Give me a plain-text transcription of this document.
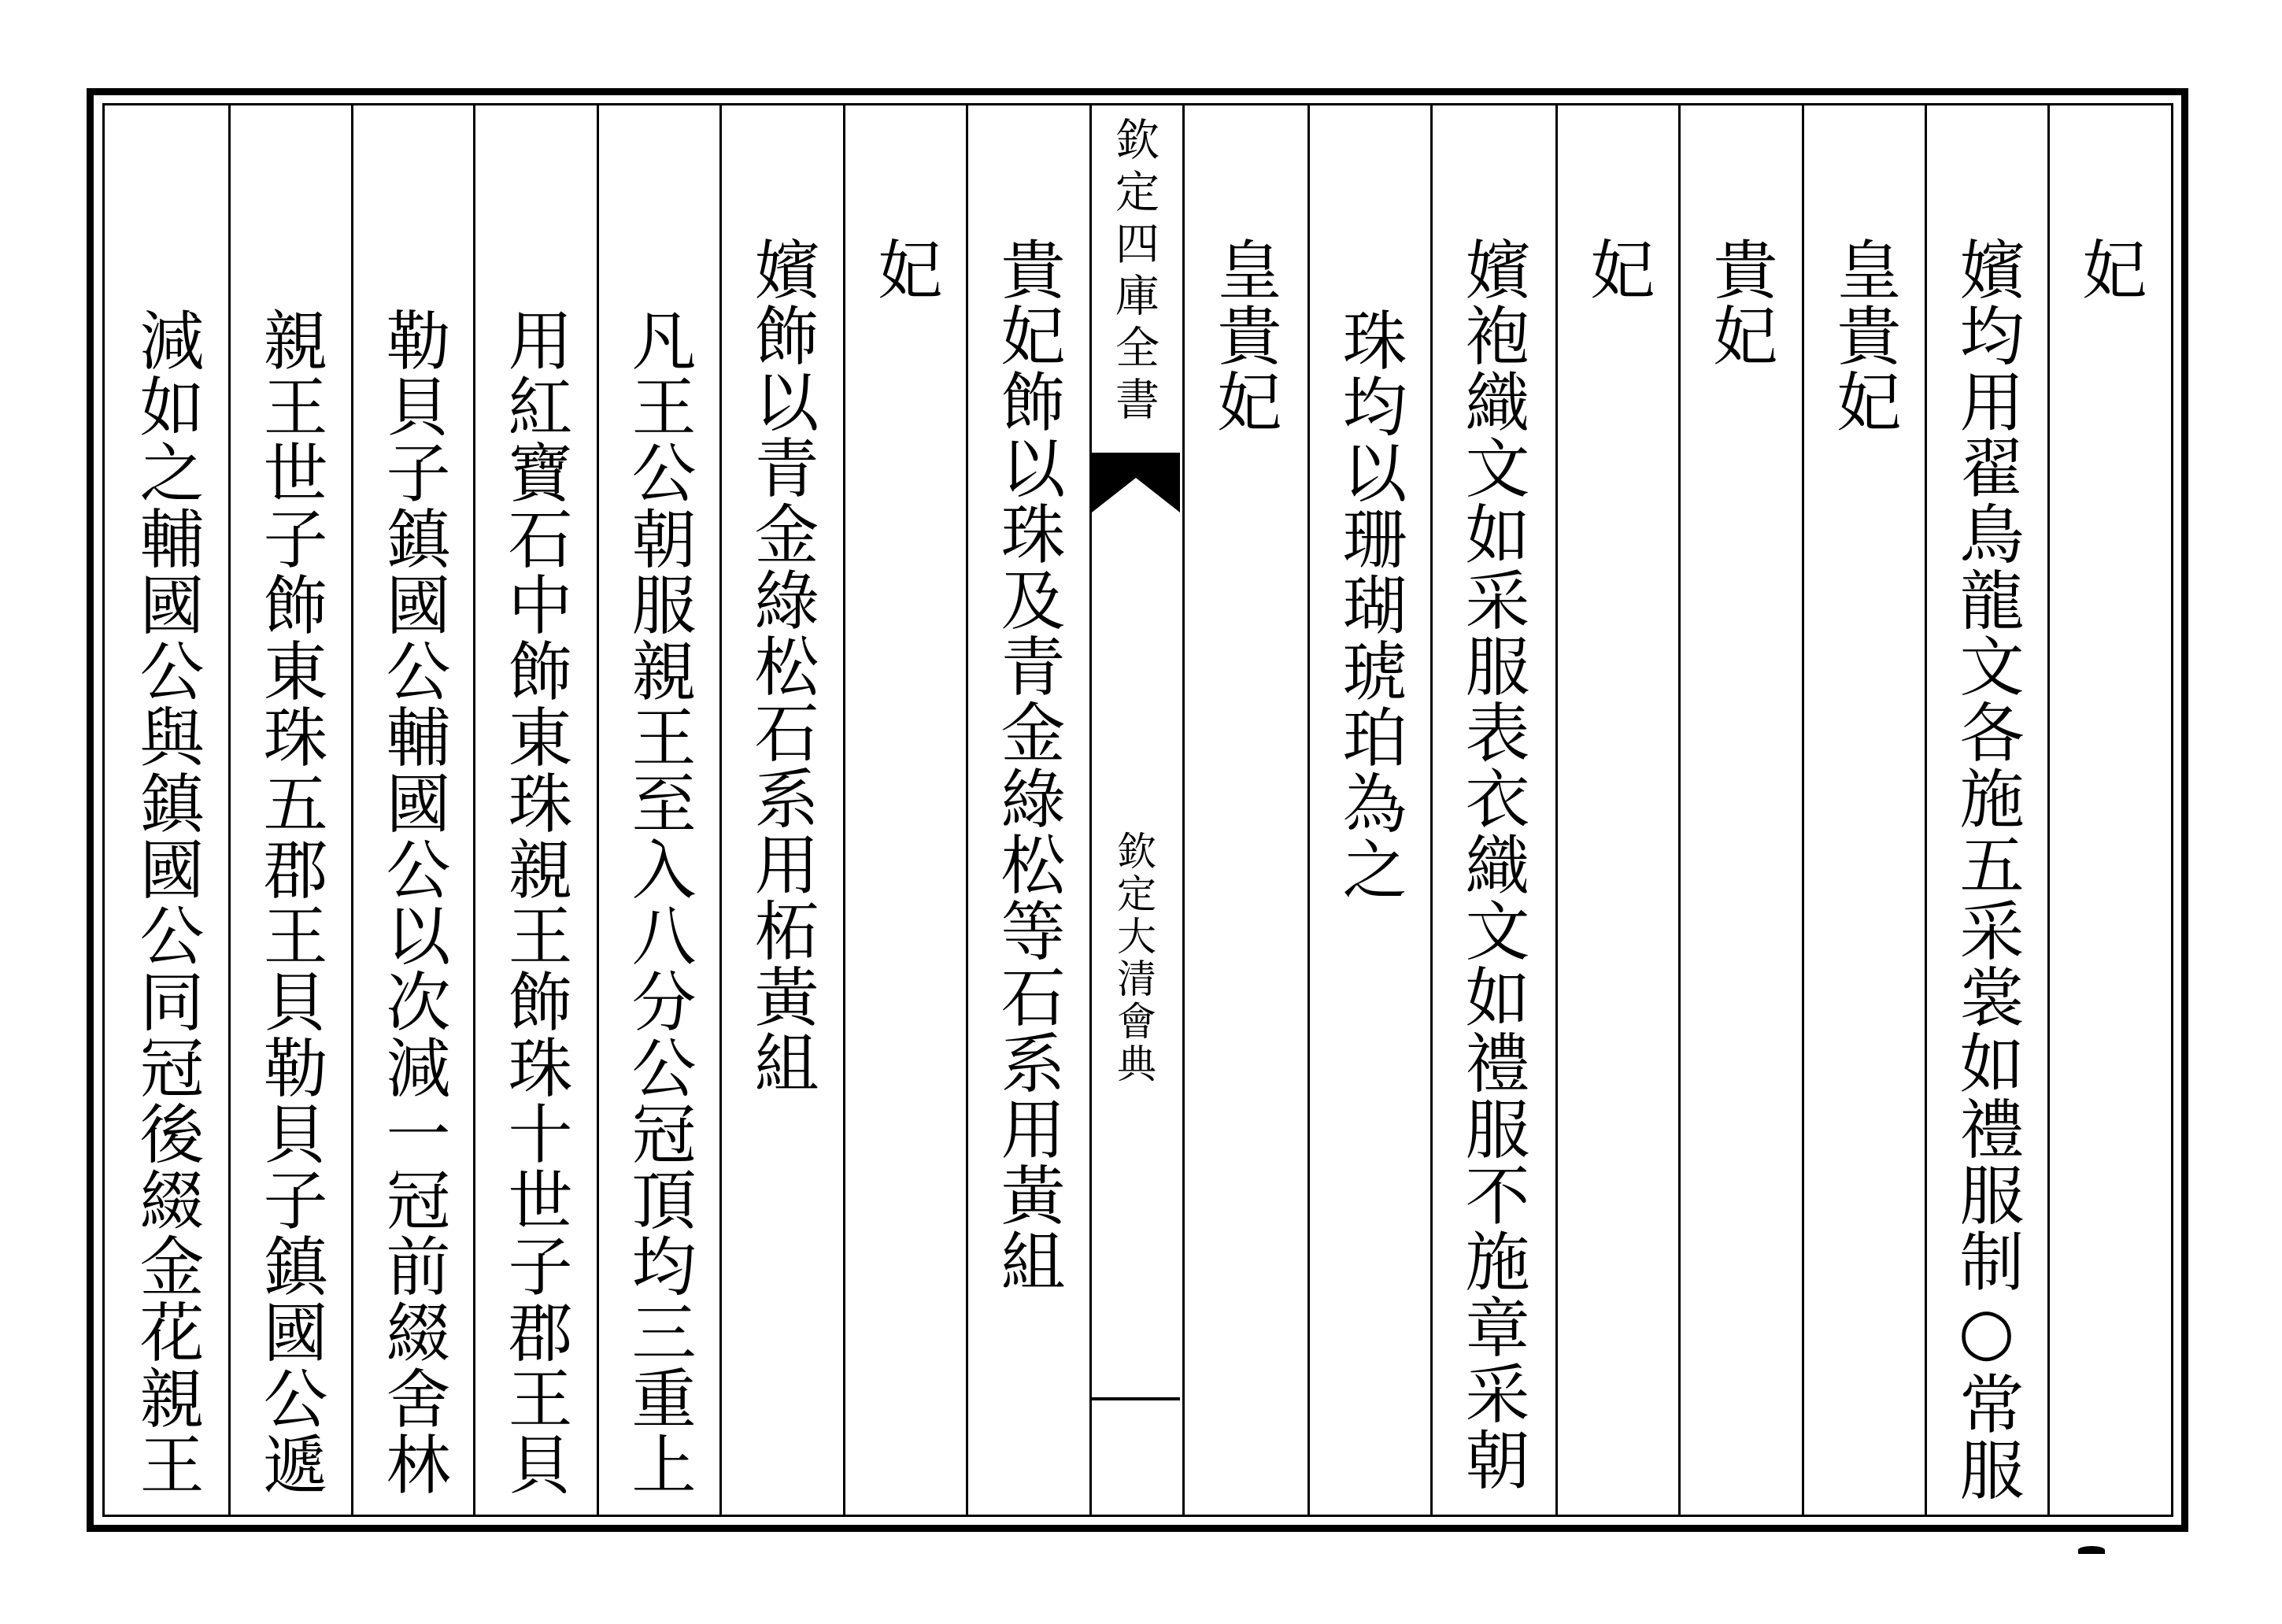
欽定四庫全書
欽定大清會典
妃
嬪均用翟鳥龍文各施五采裳如禮服制○常服
皇貴妃
貴妃
妃
嬪袍織文如采服表衣織文如禮服不施章采朝
珠均以珊瑚琥珀為之
皇貴妃
貴妃飾以珠及青金綠松等石系用黃組
妃
嬪飾以青金綠松石系用柘黃組
凡王公朝服親王至入八分公冠頂均三重上
用紅寶石中飾東珠親王飾珠十世子郡王貝
勒貝子鎮國公輔國公以次減一冠前綴舍林
親王世子飾東珠五郡王貝勒貝子鎮國公遞
減如之輔國公與鎮國公同冠後綴金花親王
